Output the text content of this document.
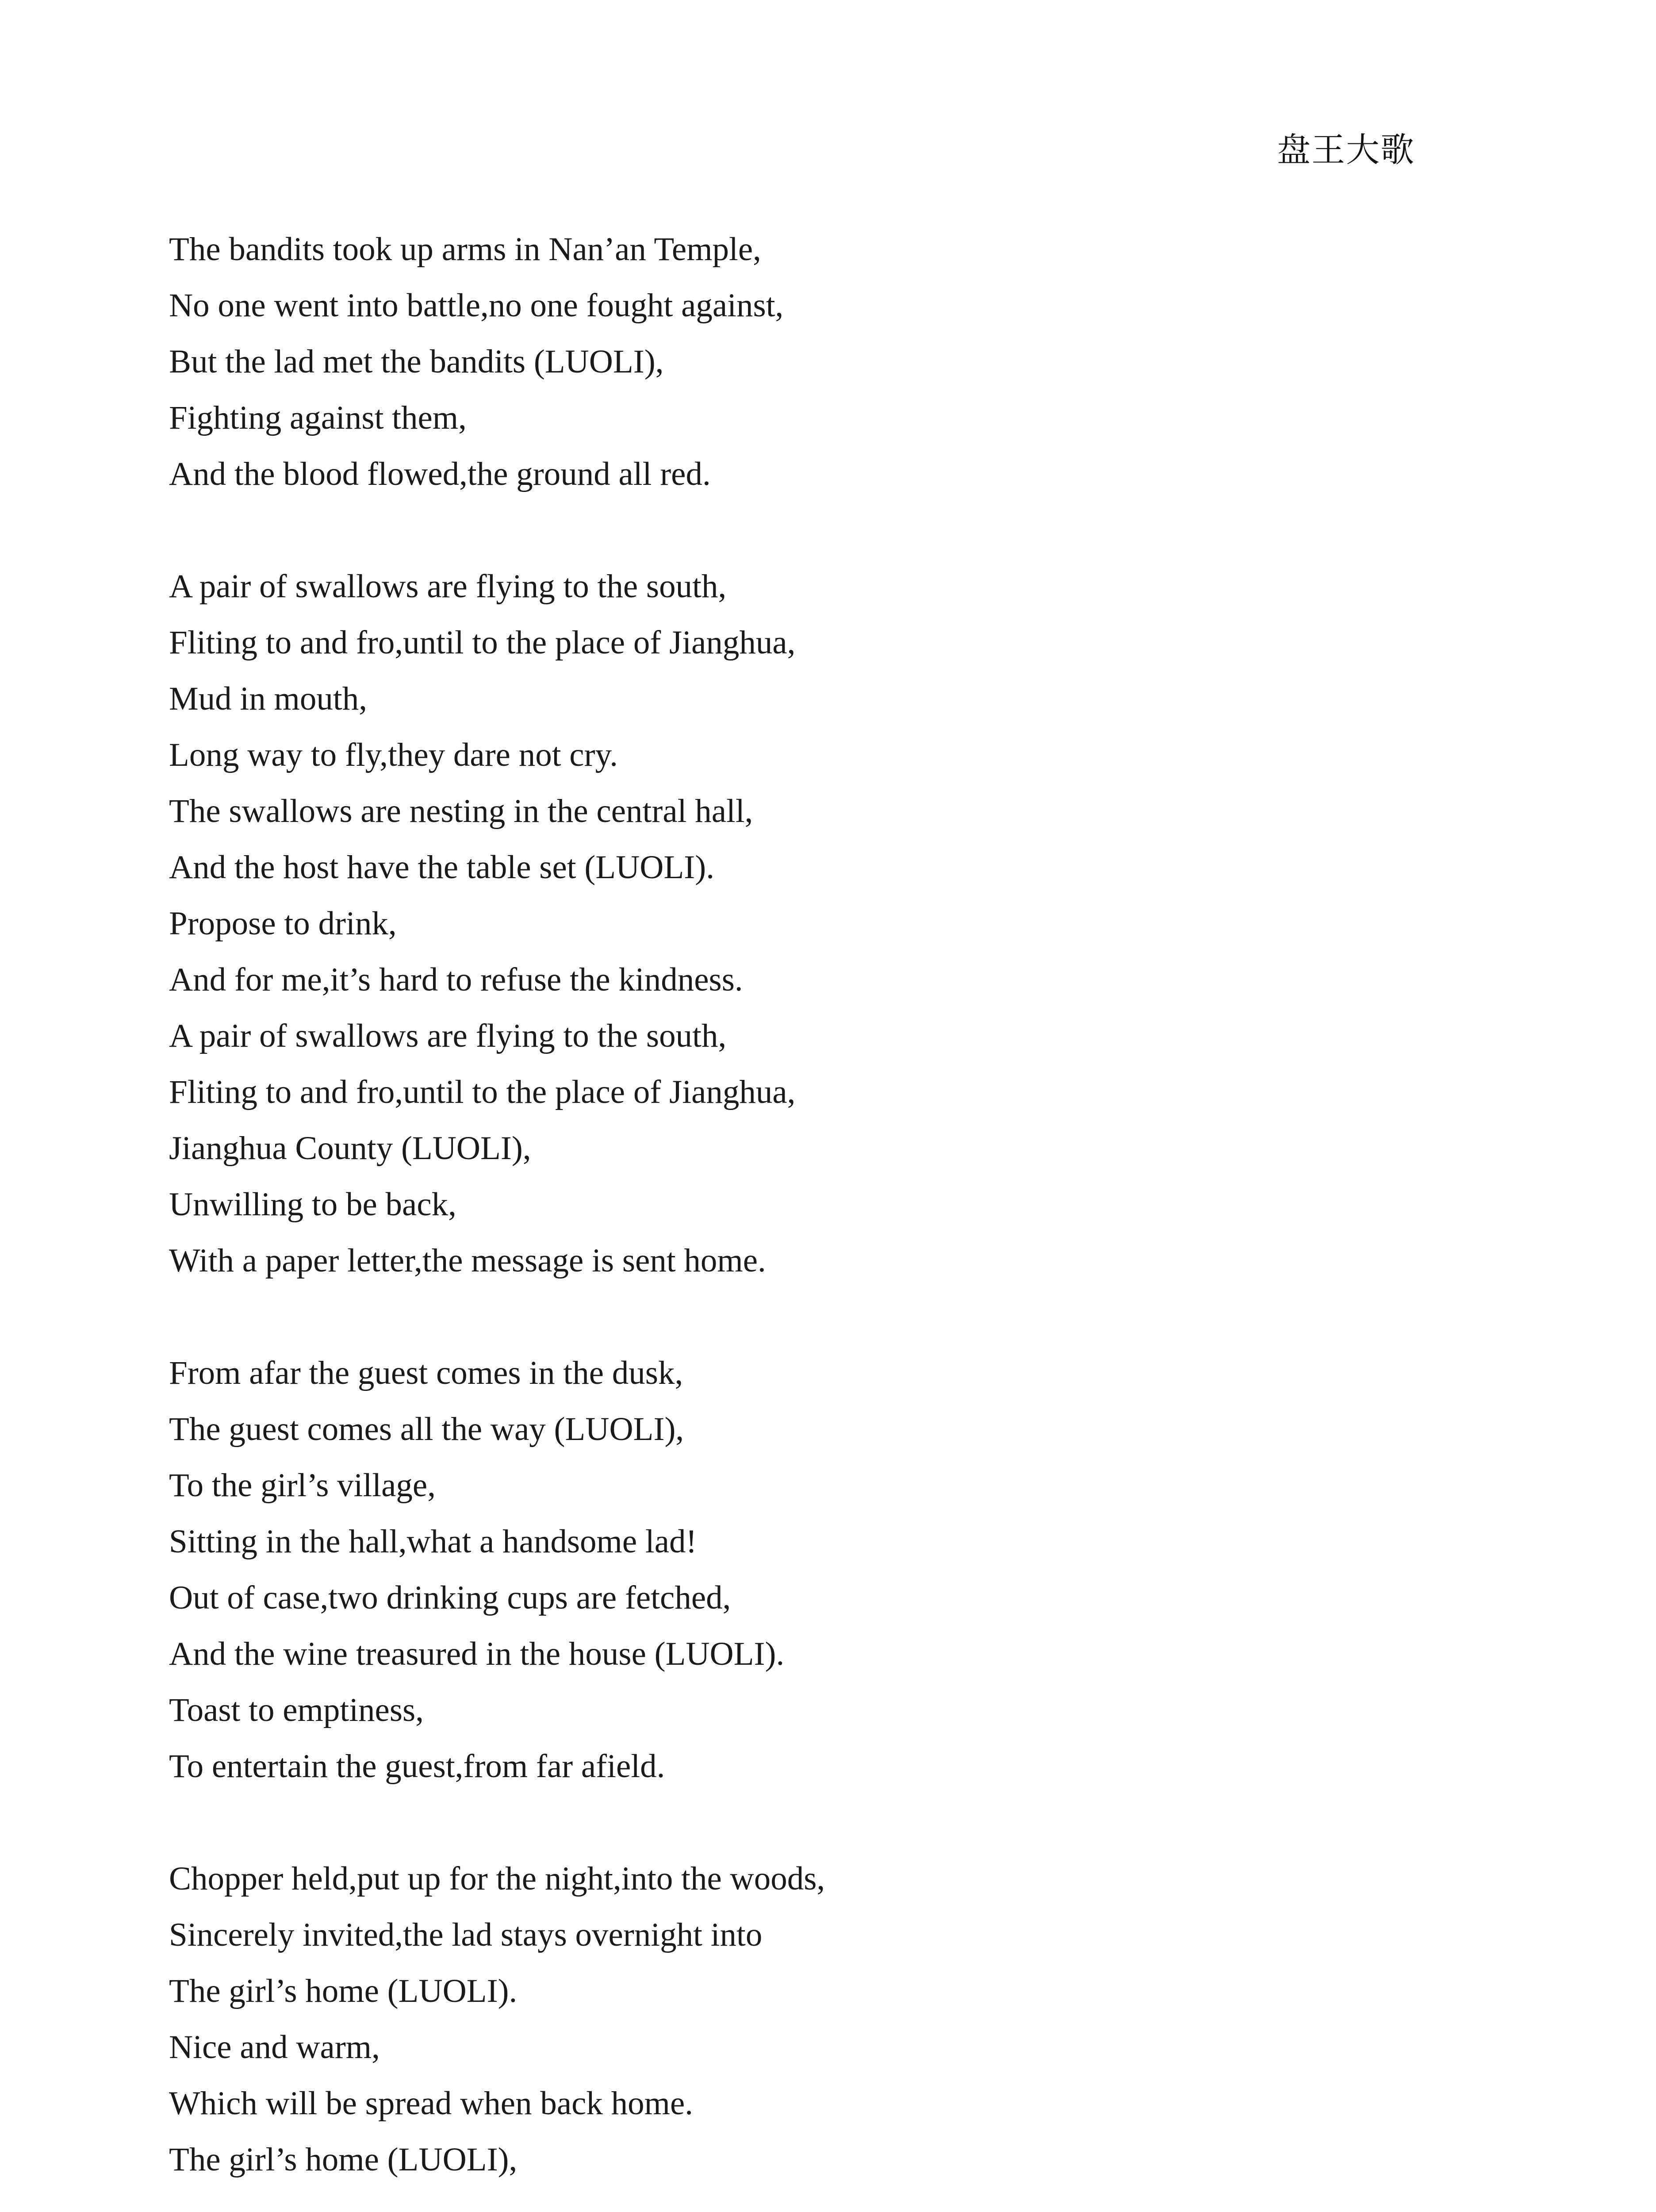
盘王大歌
The bandits took up arms in Nan’an Temple,
No one went into battle,no one fought against,
But the lad met the bandits (LUOLI),
Fighting against them,
And the blood flowed,the ground all red.
A pair of swallows are flying to the south,
Fliting to and fro,until to the place of Jianghua,
Mud in mouth,
Long way to fly,they dare not cry.
The swallows are nesting in the central hall,
And the host have the table set (LUOLI).
Propose to drink,
And for me,it’s hard to refuse the kindness.
A pair of swallows are flying to the south,
Fliting to and fro,until to the place of Jianghua,
Jianghua County (LUOLI),
Unwilling to be back,
With a paper letter,the message is sent home.
From afar the guest comes in the dusk,
The guest comes all the way (LUOLI),
To the girl’s village,
Sitting in the hall,what a handsome lad!
Out of case,two drinking cups are fetched,
And the wine treasured in the house (LUOLI).
Toast to emptiness,
To entertain the guest,from far afield.
Chopper held,put up for the night,into the woods,
Sincerely invited,the lad stays overnight into
The girl’s home (LUOLI).
Nice and warm,
Which will be spread when back home.
The girl’s home (LUOLI),
